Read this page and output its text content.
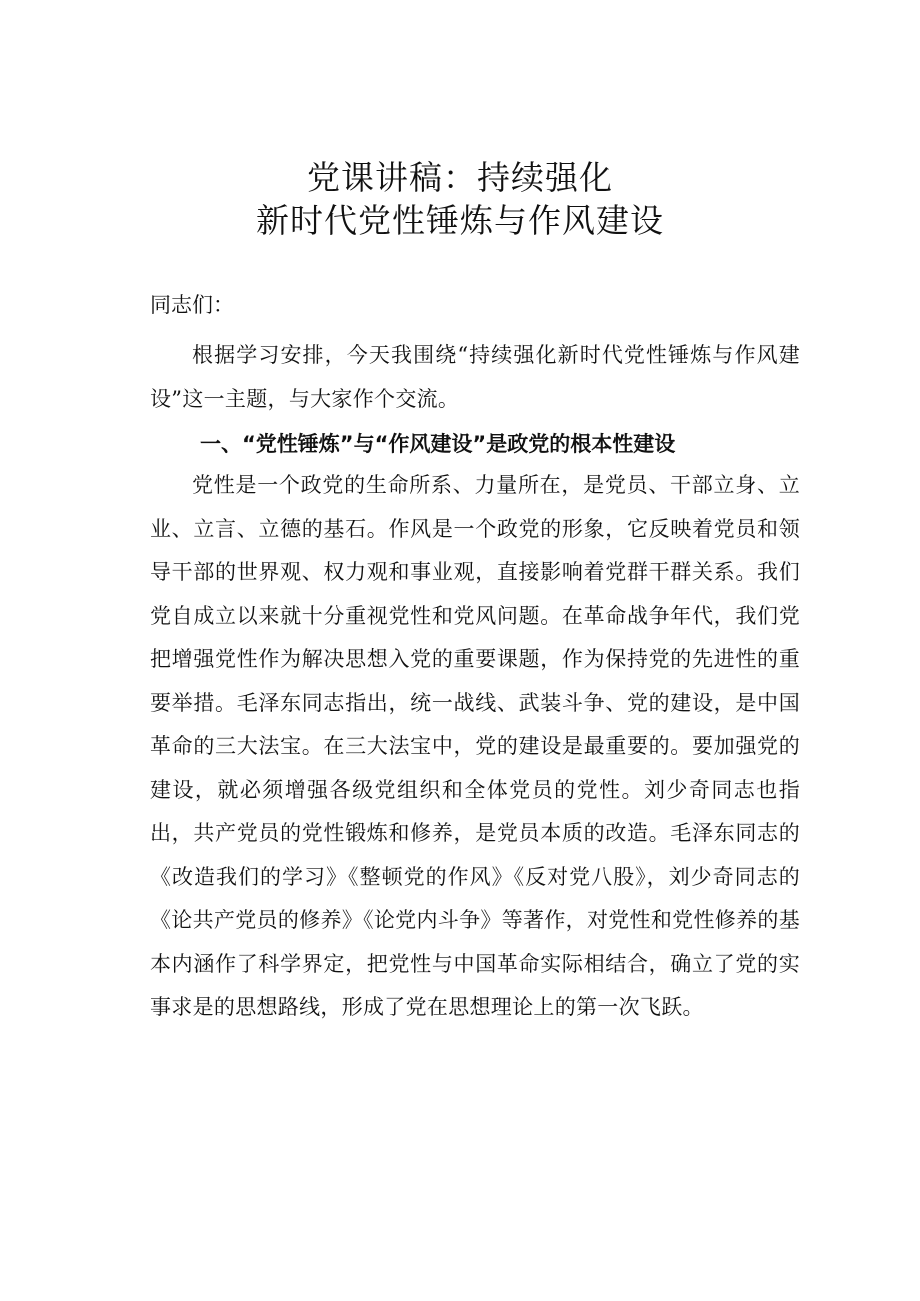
党课讲稿：持续强化
新时代党性锤炼与作风建设

同志们：

根据学习安排，今天我围绕“持续强化新时代党性锤炼与作风建设”这一主题，与大家作个交流。

一、“党性锤炼”与“作风建设”是政党的根本性建设

党性是一个政党的生命所系、力量所在，是党员、干部立身、立业、立言、立德的基石。作风是一个政党的形象，它反映着党员和领导干部的世界观、权力观和事业观，直接影响着党群干群关系。我们党自成立以来就十分重视党性和党风问题。在革命战争年代，我们党把增强党性作为解决思想入党的重要课题，作为保持党的先进性的重要举措。毛泽东同志指出，统一战线、武装斗争、党的建设，是中国革命的三大法宝。在三大法宝中，党的建设是最重要的。要加强党的建设，就必须增强各级党组织和全体党员的党性。刘少奇同志也指出，共产党员的党性锻炼和修养，是党员本质的改造。毛泽东同志的《改造我们的学习》《整顿党的作风》《反对党八股》，刘少奇同志的《论共产党员的修养》《论党内斗争》等著作，对党性和党性修养的基本内涵作了科学界定，把党性与中国革命实际相结合，确立了党的实事求是的思想路线，形成了党在思想理论上的第一次飞跃。
